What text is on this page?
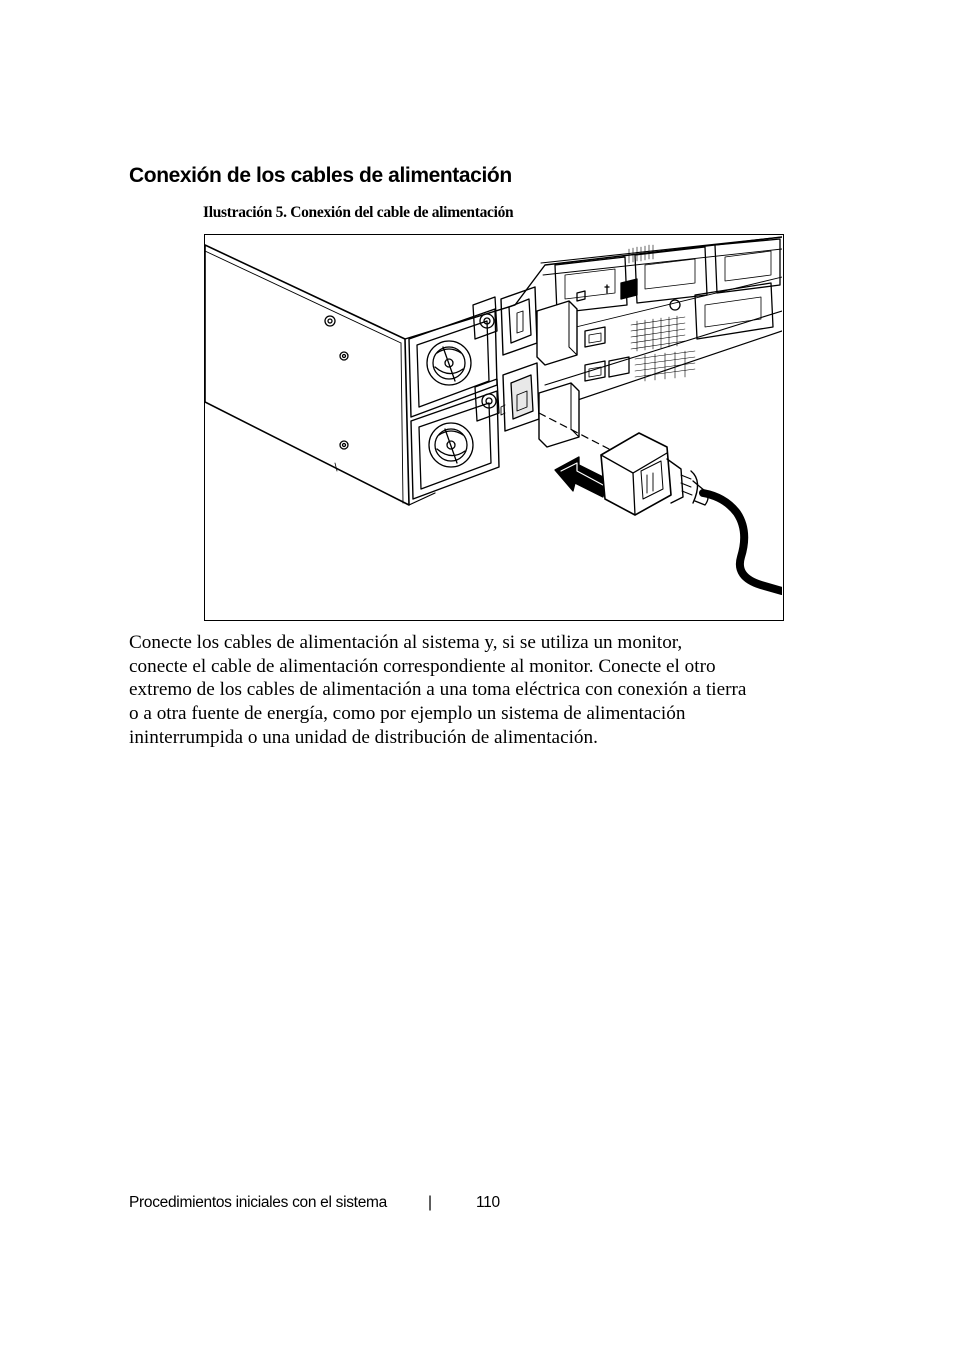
Conexión de los cables de alimentación

Ilustración 5. Conexión del cable de alimentación

Conecte los cables de alimentación al sistema y, si se utiliza un monitor,
conecte el cable de alimentación correspondiente al monitor. Conecte el otro
extremo de los cables de alimentación a una toma eléctrica con conexión a tierra
o a otra fuente de energía, como por ejemplo un sistema de alimentación
ininterrumpida o una unidad de distribución de alimentación.

Procedimientos iniciales con el sistema	|	110
